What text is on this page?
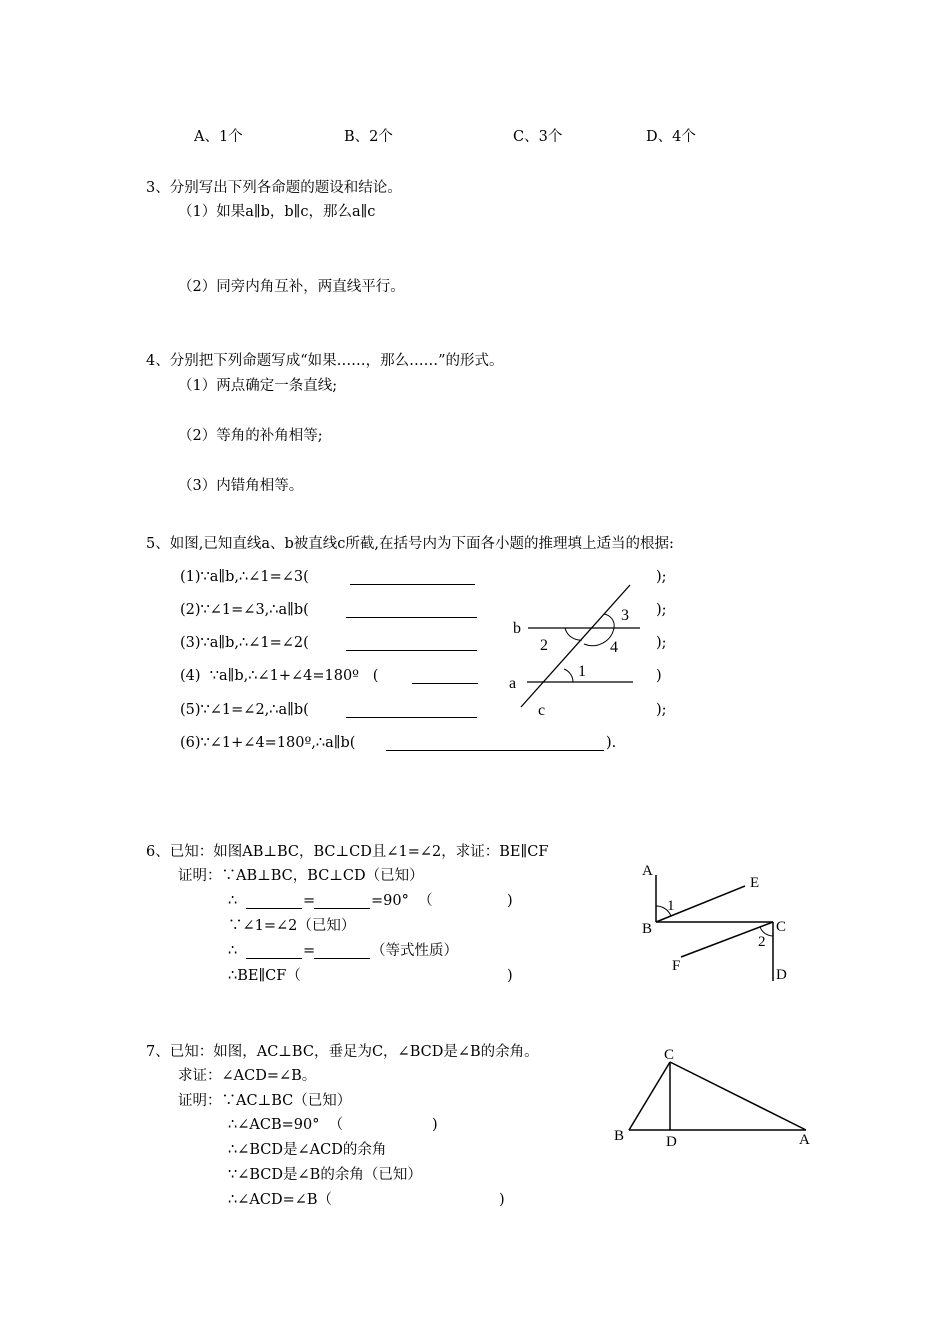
A、1个	B、2个	C、3个	D、4个
3、分别写出下列各命题的题设和结论。
（1）如果a∥b，b∥c，那么a∥c
（2）同旁内角互补，两直线平行。
4、分别把下列命题写成“如果……，那么……”的形式。
（1）两点确定一条直线;
（2）等角的补角相等;
（3）内错角相等。
5、如图,已知直线a、b被直线c所截,在括号内为下面各小题的推理填上适当的根据:
(1)∵a∥b,∴∠1=∠3(	);
(2)∵∠1=∠3,∴a∥b(	);
(3)∵a∥b,∴∠1=∠2(	);
(4)  ∵a∥b,∴∠1+∠4=180º   (	)
(5)∵∠1=∠2,∴a∥b(	);
(6)∵∠1+∠4=180º,∴a∥b(	).
b
a
c
1
2
3
4
6、已知：如图AB⊥BC，BC⊥CD且∠1=∠2，求证：BE∥CF
证明：∵AB⊥BC，BC⊥CD（已知）
∴	=	=90°  （	)
∵∠1=∠2（已知）
∴	=	（等式性质）
∴BE∥CF（	)
A
B	C
D
E
F
1
2
7、已知：如图，AC⊥BC，垂足为C，∠BCD是∠B的余角。
求证：∠ACD=∠B。
证明：∵AC⊥BC（已知）
∴∠ACB=90°  （	)
∴∠BCD是∠ACD的余角
∵∠BCD是∠B的余角（已知）
∴∠ACD=∠B（	)
C
B	D	A
